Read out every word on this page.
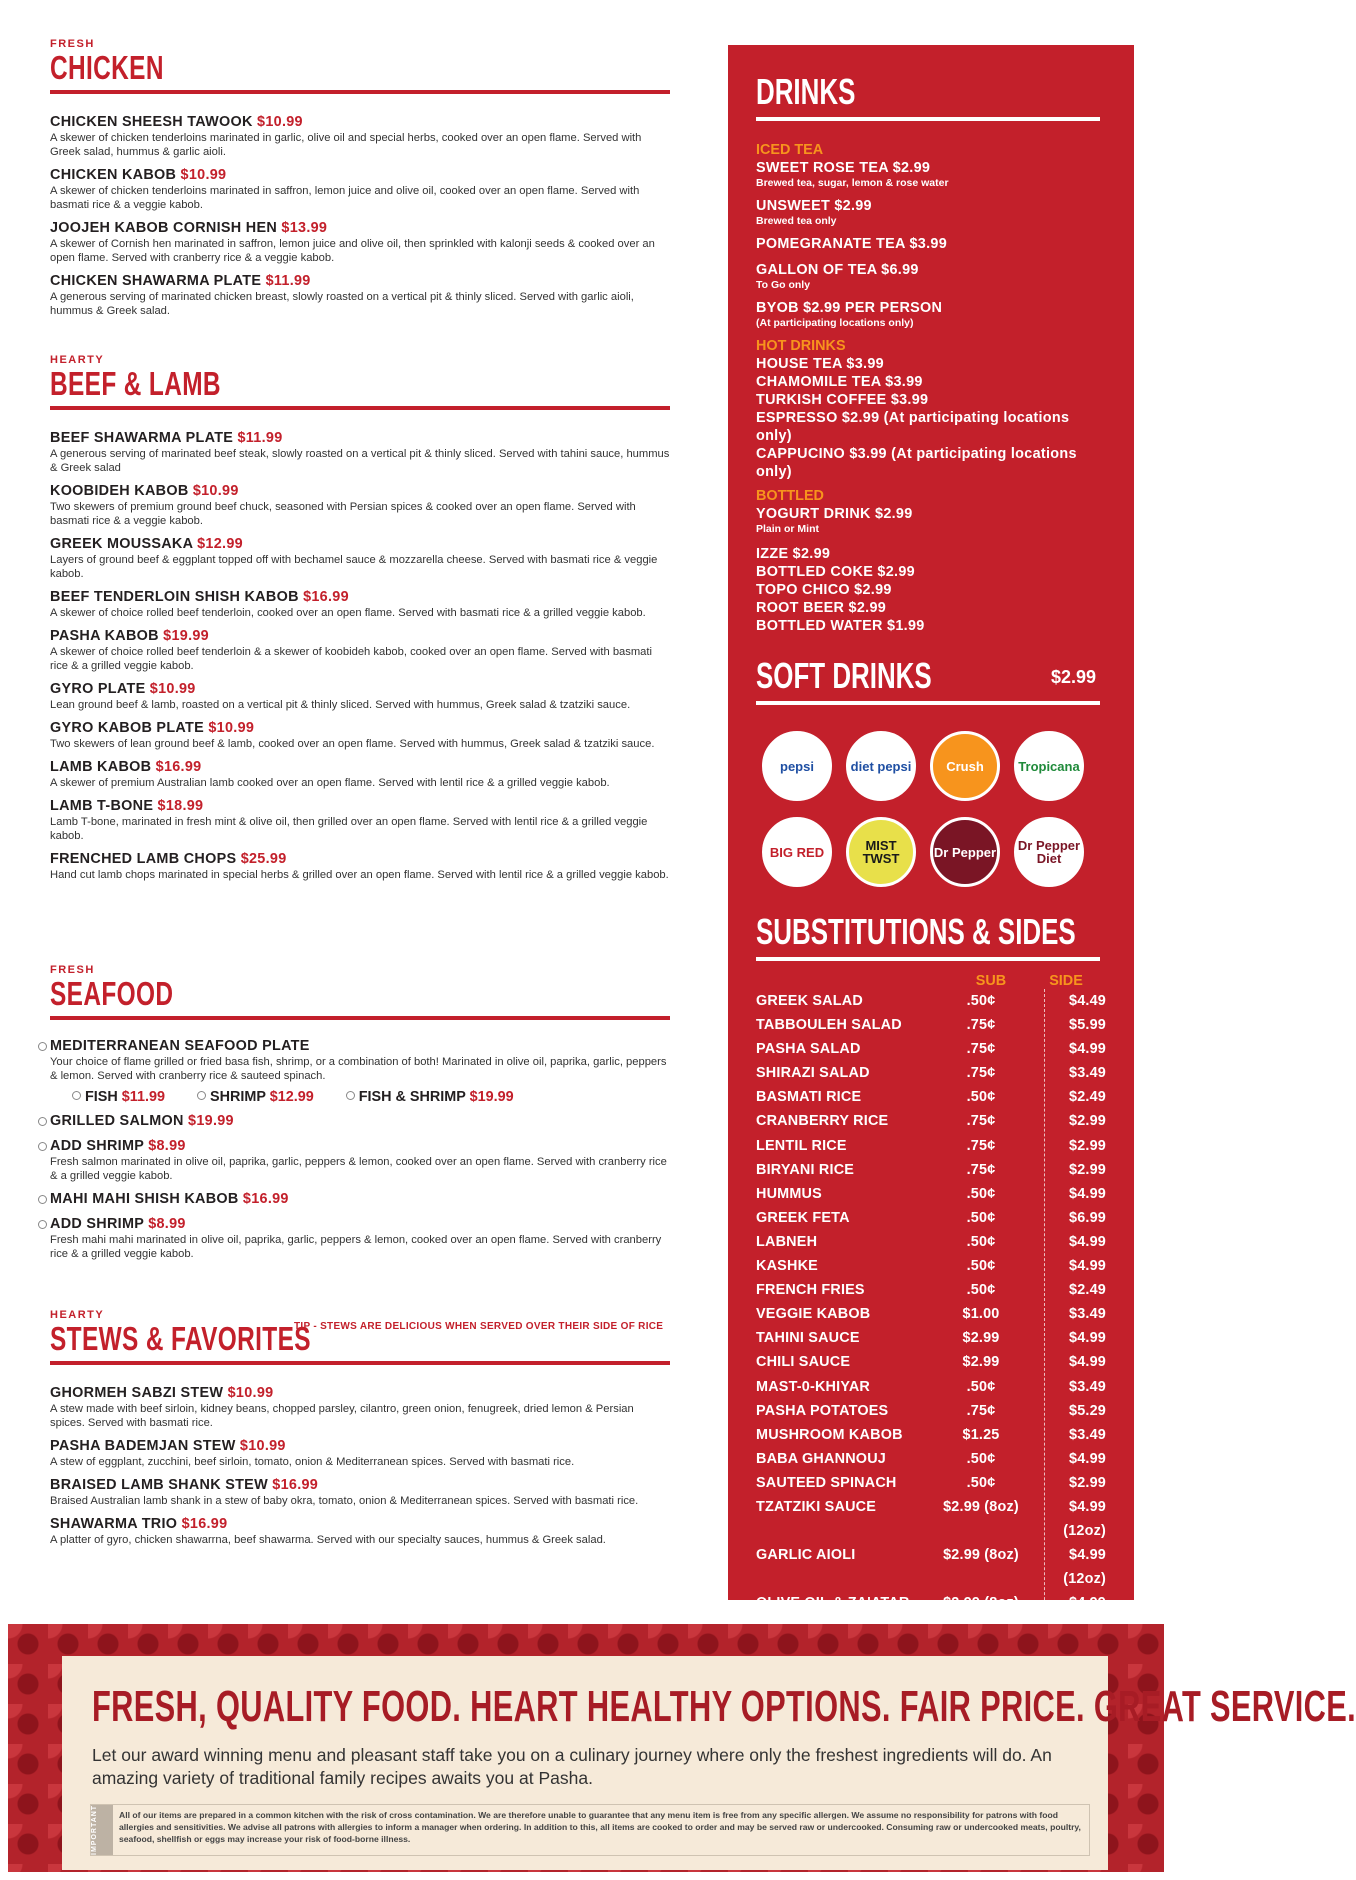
FRESH
CHICKEN
CHICKEN SHEESH TAWOOK $10.99
A skewer of chicken tenderloins marinated in garlic, olive oil and special herbs, cooked over an open flame. Served with Greek salad, hummus & garlic aioli.
CHICKEN KABOB $10.99
A skewer of chicken tenderloins marinated in saffron, lemon juice and olive oil, cooked over an open flame. Served with basmati rice & a veggie kabob.
JOOJEH KABOB CORNISH HEN $13.99
A skewer of Cornish hen marinated in saffron, lemon juice and olive oil, then sprinkled with kalonji seeds & cooked over an open flame. Served with cranberry rice & a veggie kabob.
CHICKEN SHAWARMA PLATE $11.99
A generous serving of marinated chicken breast, slowly roasted on a vertical pit & thinly sliced. Served with garlic aioli, hummus & Greek salad.
HEARTY
BEEF & LAMB
BEEF SHAWARMA PLATE $11.99
A generous serving of marinated beef steak, slowly roasted on a vertical pit & thinly sliced. Served with tahini sauce, hummus & Greek salad
KOOBIDEH KABOB $10.99
Two skewers of premium ground beef chuck, seasoned with Persian spices & cooked over an open flame. Served with basmati rice & a veggie kabob.
GREEK MOUSSAKA $12.99
Layers of ground beef & eggplant topped off with bechamel sauce & mozzarella cheese. Served with basmati rice & veggie kabob.
BEEF TENDERLOIN SHISH KABOB $16.99
A skewer of choice rolled beef tenderloin, cooked over an open flame. Served with basmati rice & a grilled veggie kabob.
PASHA KABOB $19.99
A skewer of choice rolled beef tenderloin & a skewer of koobideh kabob, cooked over an open flame. Served with basmati rice & a grilled veggie kabob.
GYRO PLATE $10.99
Lean ground beef & lamb, roasted on a vertical pit & thinly sliced. Served with hummus, Greek salad & tzatziki sauce.
GYRO KABOB PLATE $10.99
Two skewers of lean ground beef & lamb, cooked over an open flame. Served with hummus, Greek salad & tzatziki sauce.
LAMB KABOB $16.99
A skewer of premium Australian lamb cooked over an open flame. Served with lentil rice & a grilled veggie kabob.
LAMB T-BONE $18.99
Lamb T-bone, marinated in fresh mint & olive oil, then grilled over an open flame. Served with lentil rice & a grilled veggie kabob.
FRENCHED LAMB CHOPS $25.99
Hand cut lamb chops marinated in special herbs & grilled over an open flame. Served with lentil rice & a grilled veggie kabob.
FRESH
SEAFOOD
MEDITERRANEAN SEAFOOD PLATE
Your choice of flame grilled or fried basa fish, shrimp, or a combination of both! Marinated in olive oil, paprika, garlic, peppers & lemon. Served with cranberry rice & sauteed spinach.
FISH $11.99	SHRIMP $12.99	FISH & SHRIMP $19.99
GRILLED SALMON $19.99
ADD SHRIMP $8.99
Fresh salmon marinated in olive oil, paprika, garlic, peppers & lemon, cooked over an open flame. Served with cranberry rice & a grilled veggie kabob.
MAHI MAHI SHISH KABOB $16.99
ADD SHRIMP $8.99
Fresh mahi mahi marinated in olive oil, paprika, garlic, peppers & lemon, cooked over an open flame. Served with cranberry rice & a grilled veggie kabob.
HEARTY
STEWS & FAVORITES
TIP - STEWS ARE DELICIOUS WHEN SERVED OVER THEIR SIDE OF RICE
GHORMEH SABZI STEW $10.99
A stew made with beef sirloin, kidney beans, chopped parsley, cilantro, green onion, fenugreek, dried lemon & Persian spices. Served with basmati rice.
PASHA BADEMJAN STEW $10.99
A stew of eggplant, zucchini, beef sirloin, tomato, onion & Mediterranean spices. Served with basmati rice.
BRAISED LAMB SHANK STEW $16.99
Braised Australian lamb shank in a stew of baby okra, tomato, onion & Mediterranean spices. Served with basmati rice.
SHAWARMA TRIO $16.99
A platter of gyro, chicken shawarrna, beef shawarma. Served with our specialty sauces, hummus & Greek salad.
DRINKS
ICED TEA
SWEET ROSE TEA $2.99
Brewed tea, sugar, lemon & rose water
UNSWEET $2.99
Brewed tea only
POMEGRANATE TEA $3.99
GALLON OF TEA $6.99
To Go only
BYOB $2.99 PER PERSON
(At participating locations only)
HOT DRINKS
HOUSE TEA $3.99
CHAMOMILE TEA $3.99
TURKISH COFFEE $3.99
ESPRESSO $2.99 (At participating locations only)
CAPPUCINO $3.99 (At participating locations only)
BOTTLED
YOGURT DRINK $2.99
Plain or Mint
IZZE $2.99
BOTTLED COKE $2.99
TOPO CHICO $2.99
ROOT BEER $2.99
BOTTLED WATER $1.99
SOFT DRINKS	$2.99
pepsi	diet pepsi	Crush	Tropicana
BIG RED	MIST TWST	Dr Pepper Dr Pepper Diet
SUBSTITUTIONS & SIDES
SUB	SIDE
GREEK SALAD	.50¢	$4.49
TABBOULEH SALAD	.75¢	$5.99
PASHA SALAD	.75¢	$4.99
SHIRAZI SALAD	.75¢	$3.49
BASMATI RICE	.50¢	$2.49
CRANBERRY RICE	.75¢	$2.99
LENTIL RICE	.75¢	$2.99
BIRYANI RICE	.75¢	$2.99
HUMMUS	.50¢	$4.99
GREEK FETA	.50¢	$6.99
LABNEH	.50¢	$4.99
KASHKE	.50¢	$4.99
FRENCH FRIES	.50¢	$2.49
VEGGIE KABOB	$1.00	$3.49
TAHINI SAUCE	$2.99	$4.99
CHILI SAUCE	$2.99	$4.99
MAST-0-KHIYAR	.50¢	$3.49
PASHA POTATOES	.75¢	$5.29
MUSHROOM KABOB	$1.25	$3.49
BABA GHANNOUJ	.50¢	$4.99
SAUTEED SPINACH	.50¢	$2.99
TZATZIKI SAUCE	$2.99 (8oz)	$4.99 (12oz)
GARLIC AIOLI	$2.99 (8oz)	$4.99 (12oz)
OLIVE OIL & ZA'ATAR	$2.99 (8oz)	$4.99
FRESH, QUALITY FOOD. HEART HEALTHY OPTIONS. FAIR PRICE. GREAT SERVICE.
Let our award winning menu and pleasant staff take you on a culinary journey where only the freshest ingredients will do. An amazing variety of traditional family recipes awaits you at Pasha.
IMPORTANT	All of our items are prepared in a common kitchen with the risk of cross contamination. We are therefore unable to guarantee that any menu item is free from any specific allergen. We assume no responsibility for patrons with food allergies and sensitivities. We advise all patrons with allergies to inform a manager when ordering. In addition to this, all items are cooked to order and may be served raw or undercooked. Consuming raw or undercooked meats, poultry, seafood, shellfish or eggs may increase your risk of food-borne illness.
